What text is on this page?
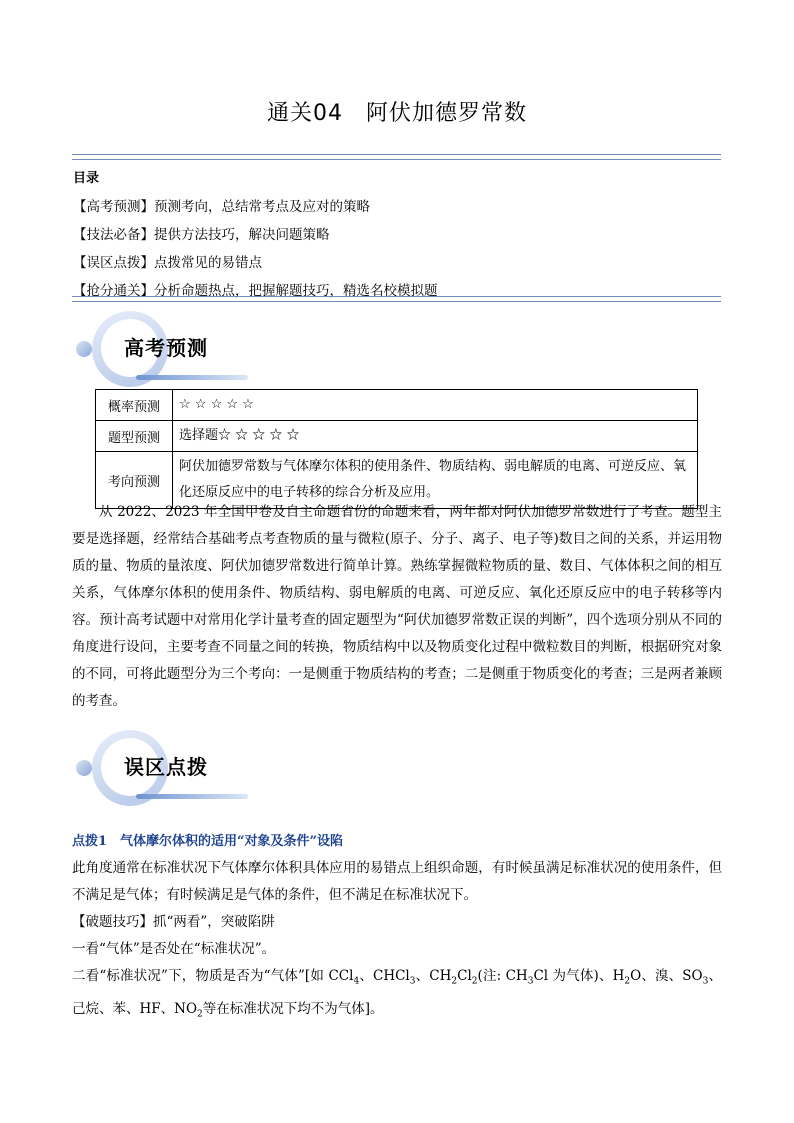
通关04　阿伏加德罗常数
目录
【高考预测】预测考向，总结常考点及应对的策略
【技法必备】提供方法技巧，解决问题策略
【误区点拨】点拨常见的易错点
【抢分通关】分析命题热点，把握解题技巧，精选名校模拟题
高考预测
概率预测	☆ ☆ ☆ ☆ ☆
题型预测	选择题☆ ☆ ☆ ☆ ☆
考向预测	阿伏加德罗常数与气体摩尔体积的使用条件、物质结构、弱电解质的电离、可逆反应、氧化还原反应中的电子转移的综合分析及应用。

从 2022、2023 年全国甲卷及自主命题省份的命题来看，两年都对阿伏加德罗常数进行了考查。题型主要是选择题，经常结合基础考点考查物质的量与微粒(原子、分子、离子、电子等)数目之间的关系，并运用物质的量、物质的量浓度、阿伏加德罗常数进行简单计算。熟练掌握微粒物质的量、数目、气体体积之间的相互关系，气体摩尔体积的使用条件、物质结构、弱电解质的电离、可逆反应、氧化还原反应中的电子转移等内容。预计高考试题中对常用化学计量考查的固定题型为“阿伏加德罗常数正误的判断”，四个选项分别从不同的角度进行设问，主要考查不同量之间的转换，物质结构中以及物质变化过程中微粒数目的判断，根据研究对象的不同，可将此题型分为三个考向：一是侧重于物质结构的考查；二是侧重于物质变化的考查；三是两者兼顾的考查。

误区点拨

点拨1　气体摩尔体积的适用“对象及条件”设陷

此角度通常在标准状况下气体摩尔体积具体应用的易错点上组织命题，有时候虽满足标准状况的使用条件，但不满足是气体；有时候满足是气体的条件，但不满足在标准状况下。

【破题技巧】抓“两看”，突破陷阱

一看“气体”是否处在“标准状况”。

二看“标准状况”下，物质是否为“气体”[如 CCl$_4$、CHCl$_3$、$CH_2Cl_2$(注: $CH_3Cl$ 为气体)、$H_2O$、溴、$SO_3$、己烷、苯、HF、$NO_2$等在标准状况下均不为气体]。
